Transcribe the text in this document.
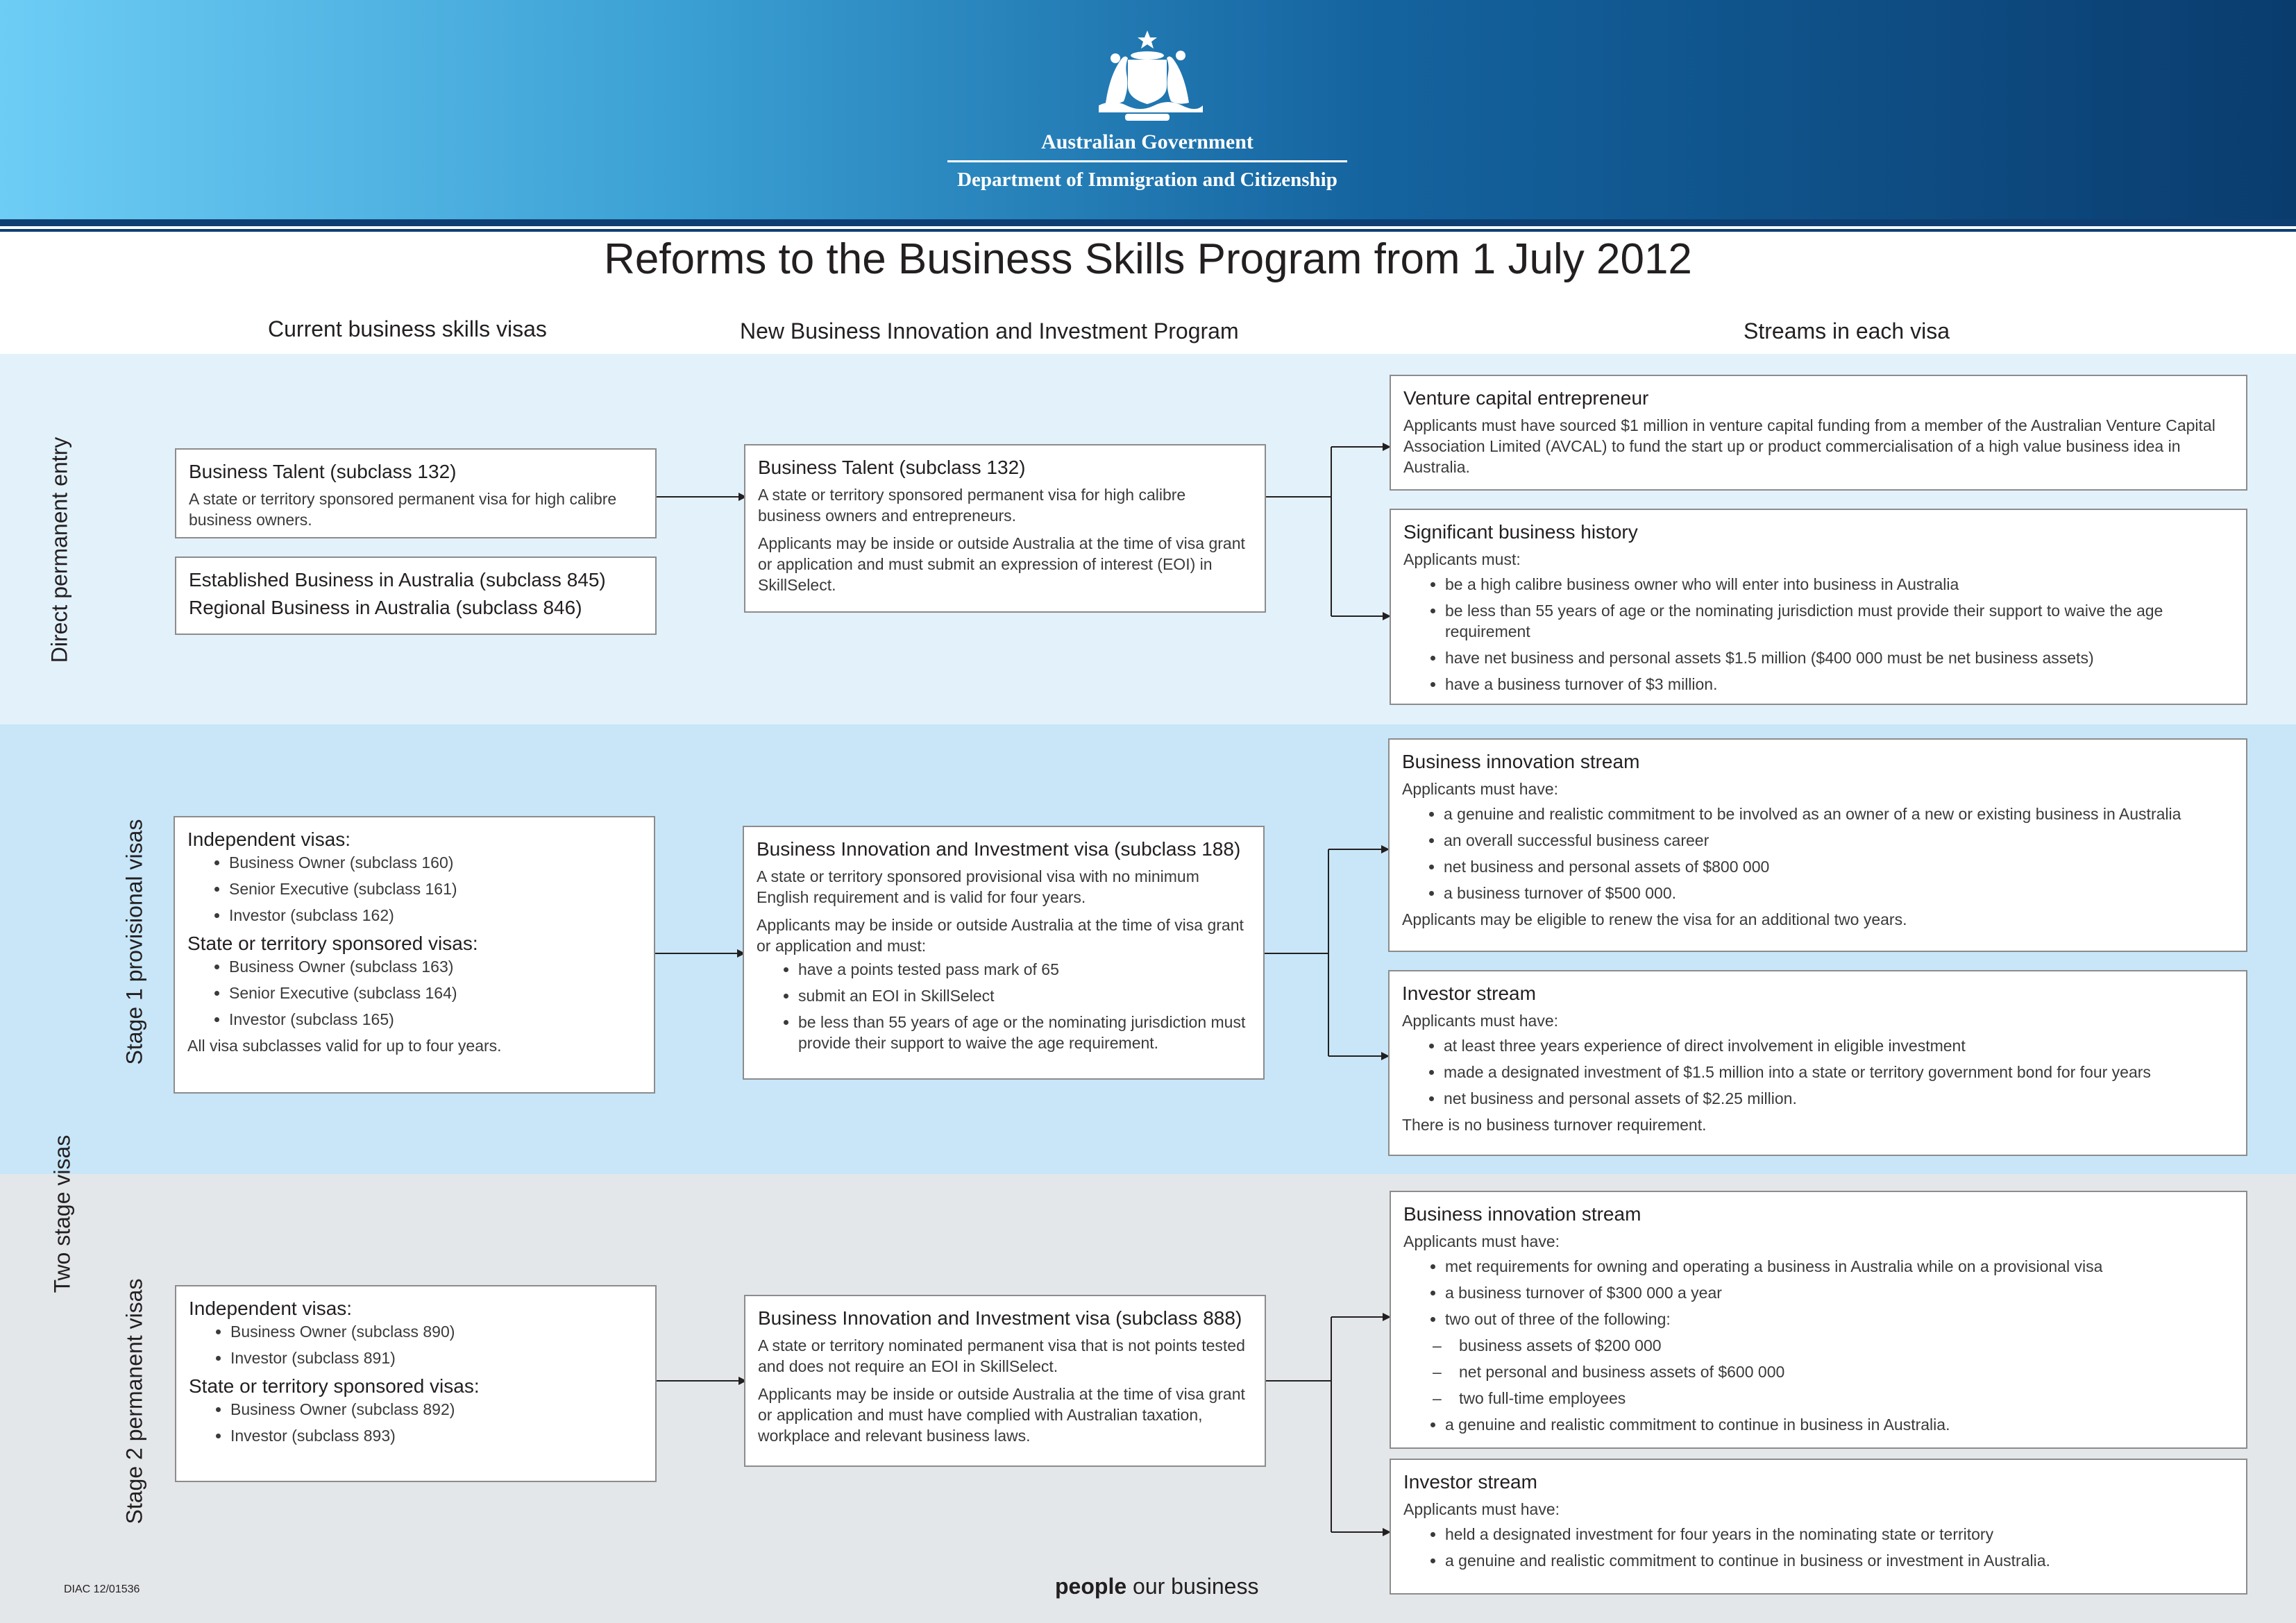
Australian Government
Department of Immigration and Citizenship
Reforms to the Business Skills Program from 1 July 2012
Current business skills visas	New Business Innovation and Investment Program	Streams in each visa
Direct permanent entry
Two stage visas
Stage 1 provisional visas
Stage 2 permanent visas
Business Talent (subclass 132)

A state or territory sponsored permanent visa for high calibre business owners.

Established Business in Australia (subclass 845)
Regional Business in Australia (subclass 846)
Business Talent (subclass 132)

A state or territory sponsored permanent visa for high calibre business owners and entrepreneurs.

Applicants may be inside or outside Australia at the time of visa grant or application and must submit an expression of interest (EOI) in SkillSelect.

Venture capital entrepreneur

Applicants must have sourced $1 million in venture capital funding from a member of the Australian Venture Capital Association Limited (AVCAL) to fund the start up or product commercialisation of a high value business idea in Australia.

Significant business history

Applicants must:

• be a high calibre business owner who will enter into business in Australia
• be less than 55 years of age or the nominating jurisdiction must provide their support to waive the age requirement
• have net business and personal assets $1.5 million ($400 000 must be net business assets)
• have a business turnover of $3 million.
Independent visas:
• Business Owner (subclass 160)
• Senior Executive (subclass 161)
• Investor (subclass 162)
State or territory sponsored visas:
• Business Owner (subclass 163)
• Senior Executive (subclass 164)
• Investor (subclass 165)

All visa subclasses valid for up to four years.

Business Innovation and Investment visa (subclass 188)

A state or territory sponsored provisional visa with no minimum English requirement and is valid for four years.

Applicants may be inside or outside Australia at the time of visa grant or application and must:

• have a points tested pass mark of 65
• submit an EOI in SkillSelect
• be less than 55 years of age or the nominating jurisdiction must provide their support to waive the age requirement.
Business innovation stream

Applicants must have:

• a genuine and realistic commitment to be involved as an owner of a new or existing business in Australia
• an overall successful business career
• net business and personal assets of $800 000
• a business turnover of $500 000.

Applicants may be eligible to renew the visa for an additional two years.

Investor stream

Applicants must have:

• at least three years experience of direct involvement in eligible investment
• made a designated investment of $1.5 million into a state or territory government bond for four years
• net business and personal assets of $2.25 million.

There is no business turnover requirement.

Independent visas:
• Business Owner (subclass 890)
• Investor (subclass 891)
State or territory sponsored visas:
• Business Owner (subclass 892)
• Investor (subclass 893)
Business Innovation and Investment visa (subclass 888)

A state or territory nominated permanent visa that is not points tested and does not require an EOI in SkillSelect.

Applicants may be inside or outside Australia at the time of visa grant or application and must have complied with Australian taxation, workplace and relevant business laws.

Business innovation stream

Applicants must have:

• met requirements for owning and operating a business in Australia while on a provisional visa
• a business turnover of $300 000 a year
• two out of three of the following:
– business assets of $200 000
– net personal and business assets of $600 000
– two full-time employees
• a genuine and realistic commitment to continue in business in Australia.
Investor stream

Applicants must have:

• held a designated investment for four years in the nominating state or territory
• a genuine and realistic commitment to continue in business or investment in Australia.
DIAC 12/01536	people our business
